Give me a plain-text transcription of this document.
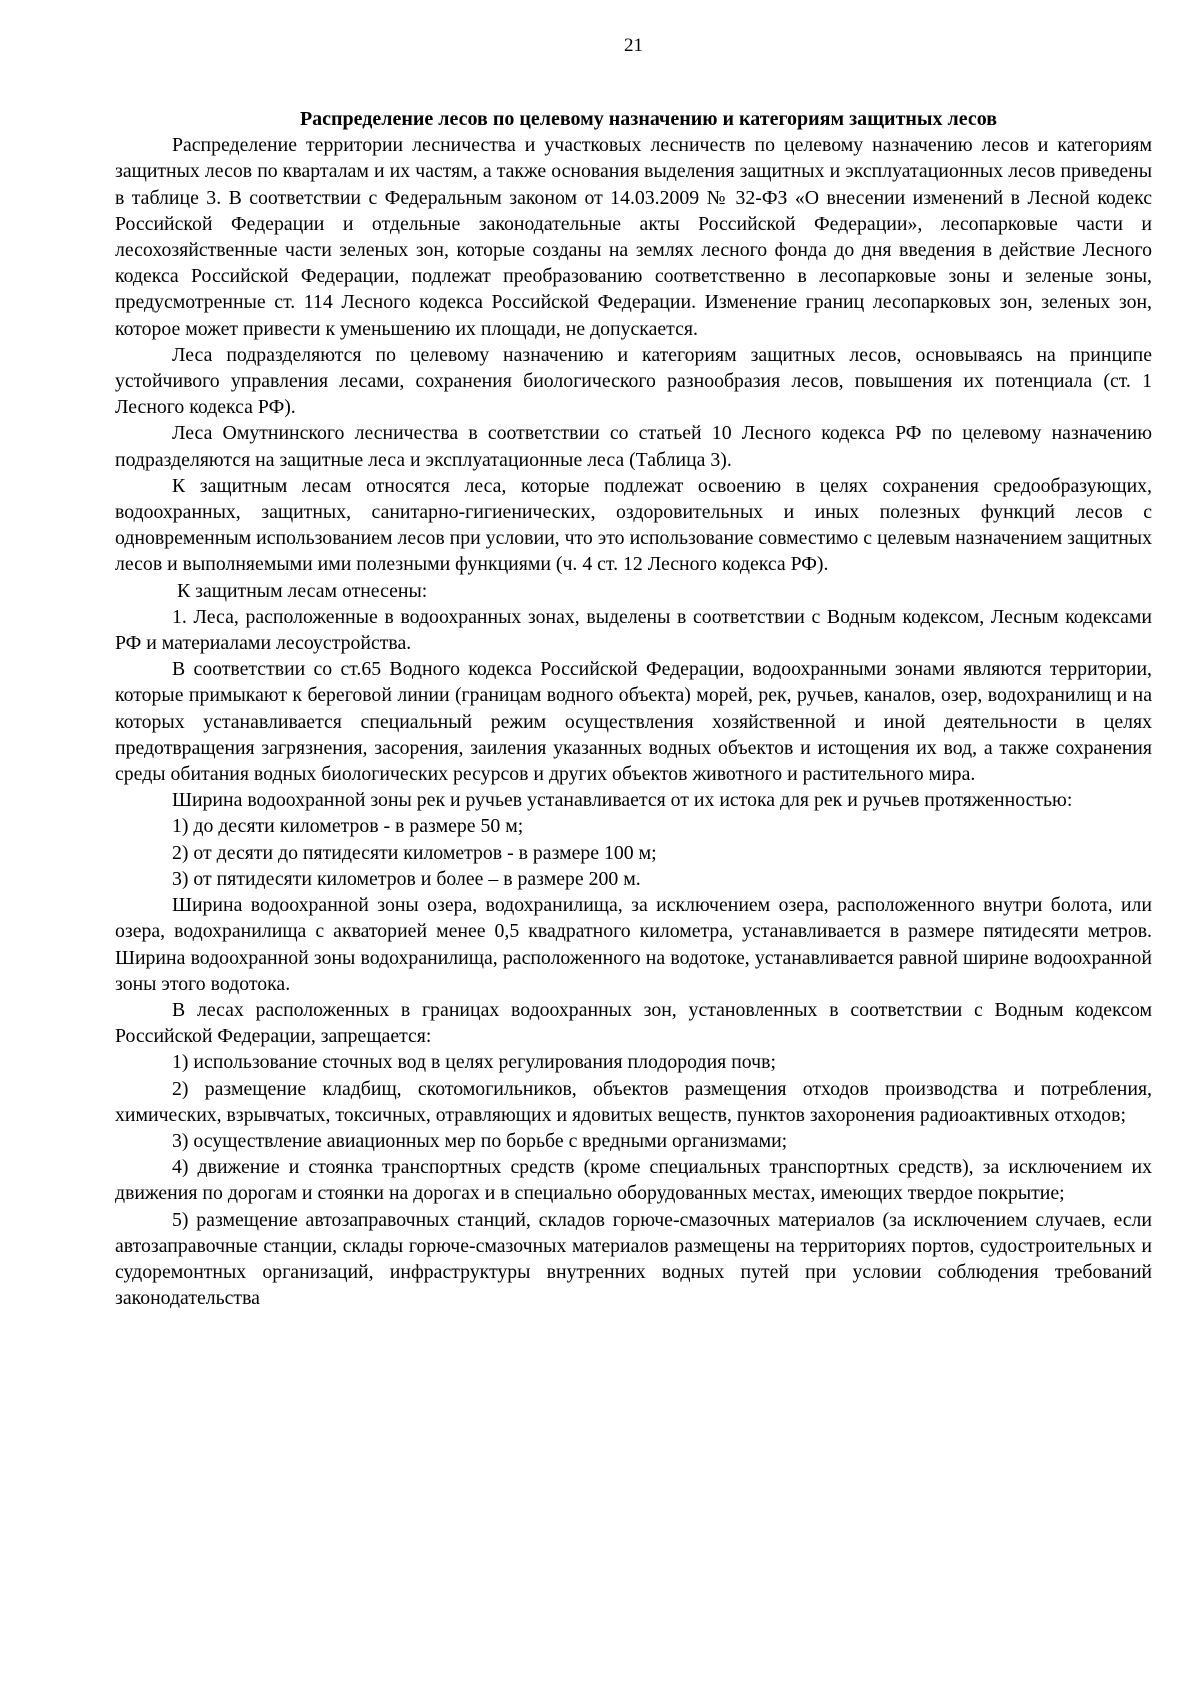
21
Распределение лесов по целевому назначению и категориям защитных лесов

Распределение территории лесничества и участковых лесничеств по целевому назначению лесов и категориям защитных лесов по кварталам и их частям, а также основания выделения защитных и эксплуатационных лесов приведены в таблице 3. В соответствии с Федеральным законом от 14.03.2009 № 32-ФЗ «О внесении изменений в Лесной кодекс Российской Федерации и отдельные законодательные акты Российской Федерации», лесопарковые части и лесохозяйственные части зеленых зон, которые созданы на землях лесного фонда до дня введения в действие Лесного кодекса Российской Федерации, подлежат преобразованию соответственно в лесопарковые зоны и зеленые зоны, предусмотренные ст. 114 Лесного кодекса Российской Федерации. Изменение границ лесопарковых зон, зеленых зон, которое может привести к уменьшению их площади, не допускается.

Леса подразделяются по целевому назначению и категориям защитных лесов, основываясь на принципе устойчивого управления лесами, сохранения биологического разнообразия лесов, повышения их потенциала (ст. 1 Лесного кодекса РФ).

Леса Омутнинского лесничества в соответствии со статьей 10 Лесного кодекса РФ по целевому назначению подразделяются на защитные леса и эксплуатационные леса (Таблица 3).

К защитным лесам относятся леса, которые подлежат освоению в целях сохранения средообразующих, водоохранных, защитных, санитарно-гигиенических, оздоровительных и иных полезных функций лесов с одновременным использованием лесов при условии, что это использование совместимо с целевым назначением защитных лесов и выполняемыми ими полезными функциями (ч. 4 ст. 12 Лесного кодекса РФ).

К защитным лесам отнесены:

1. Леса, расположенные в водоохранных зонах, выделены в соответствии с Водным кодексом, Лесным кодексами РФ и материалами лесоустройства.

В соответствии со ст.65 Водного кодекса Российской Федерации, водоохранными зонами являются территории, которые примыкают к береговой линии (границам водного объекта) морей, рек, ручьев, каналов, озер, водохранилищ и на которых устанавливается специальный режим осуществления хозяйственной и иной деятельности в целях предотвращения загрязнения, засорения, заиления указанных водных объектов и истощения их вод, а также сохранения среды обитания водных биологических ресурсов и других объектов животного и растительного мира.

Ширина водоохранной зоны рек и ручьев устанавливается от их истока для рек и ручьев протяженностью:

1) до десяти километров - в размере 50 м;

2) от десяти до пятидесяти километров - в размере 100 м;

3) от пятидесяти километров и более – в размере 200 м.

Ширина водоохранной зоны озера, водохранилища, за исключением озера, расположенного внутри болота, или озера, водохранилища с акваторией менее 0,5 квадратного километра, устанавливается в размере пятидесяти метров. Ширина водоохранной зоны водохранилища, расположенного на водотоке, устанавливается равной ширине водоохранной зоны этого водотока.

В лесах расположенных в границах водоохранных зон, установленных в соответствии с Водным кодексом Российской Федерации, запрещается:

1) использование сточных вод в целях регулирования плодородия почв;

2) размещение кладбищ, скотомогильников, объектов размещения отходов производства и потребления, химических, взрывчатых, токсичных, отравляющих и ядовитых веществ, пунктов захоронения радиоактивных отходов;

3) осуществление авиационных мер по борьбе с вредными организмами;

4) движение и стоянка транспортных средств (кроме специальных транспортных средств), за исключением их движения по дорогам и стоянки на дорогах и в специально оборудованных местах, имеющих твердое покрытие;

5) размещение автозаправочных станций, складов горюче-смазочных материалов (за исключением случаев, если автозаправочные станции, склады горюче-смазочных материалов размещены на территориях портов, судостроительных и судоремонтных организаций, инфраструктуры внутренних водных путей при условии соблюдения требований законодательства
